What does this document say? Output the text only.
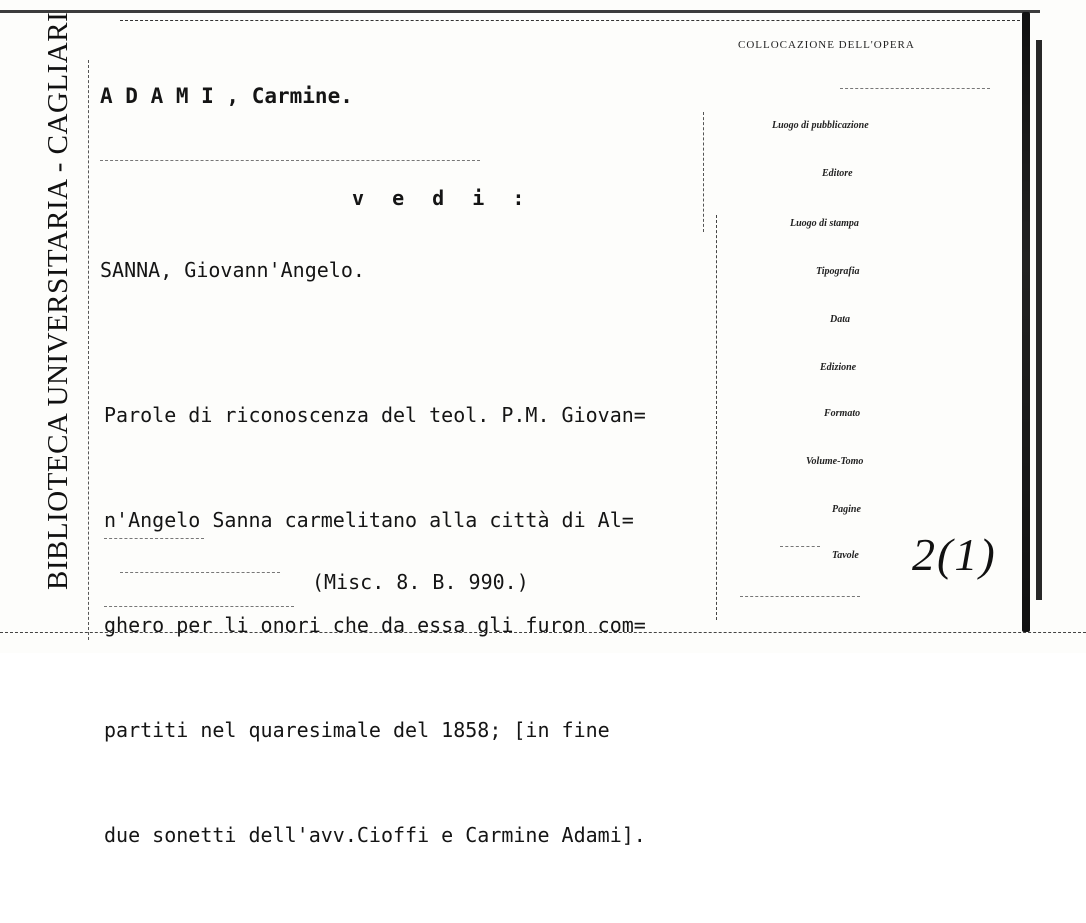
BIBLIOTECA UNIVERSITARIA - CAGLIARI A D A M I , Carmine.
v e d i :
SANNA, Giovann'Angelo.

Parole di riconoscenza del teol. P.M. Giovan=

n'Angelo Sanna carmelitano alla città di Al=

ghero per li onori che da essa gli furon com=

partiti nel quaresimale del 1858; [in fine

due sonetti dell'avv.Cioffi e Carmine Adami].

(Misc. 8. B. 990.)
COLLOCAZIONE DELL'OPERA
Luogo di pubblicazione
Editore
Luogo di stampa
Tipografia
Data
Edizione
Formato
Volume-Tomo
Pagine
Tavole 2(1)
